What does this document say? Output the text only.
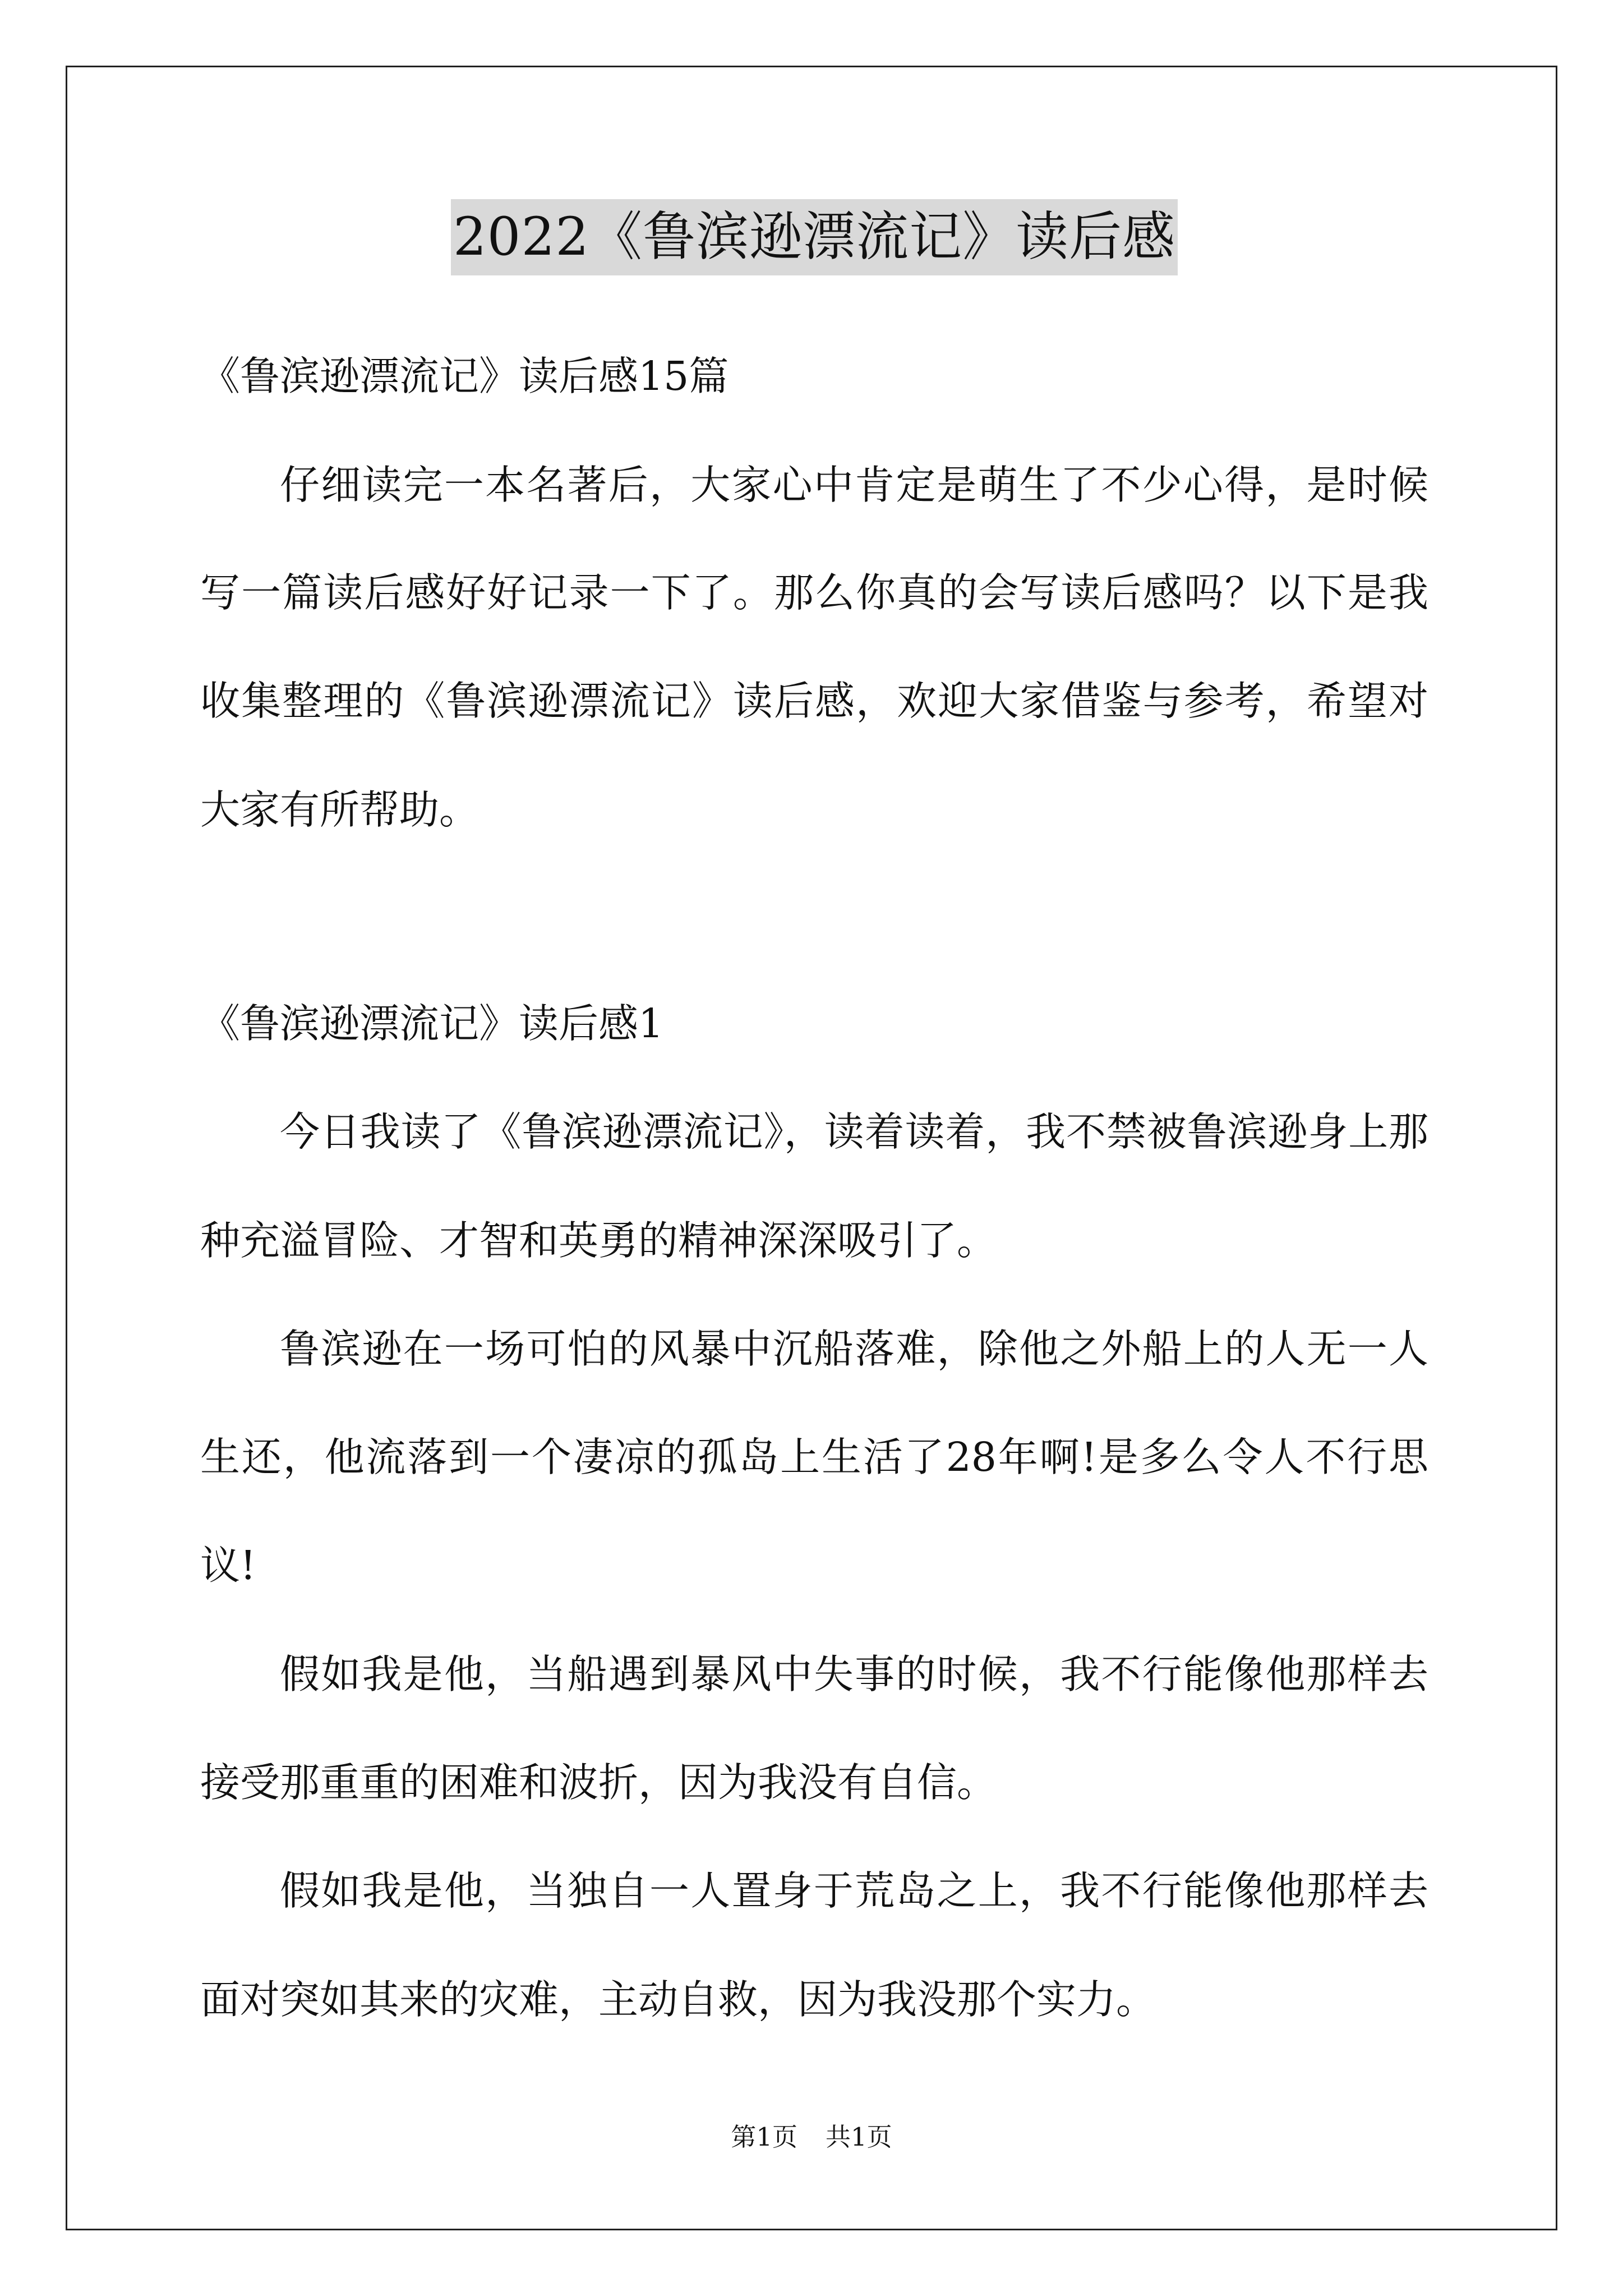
2022《鲁滨逊漂流记》读后感
《鲁滨逊漂流记》读后感15篇
仔细读完一本名著后，大家心中肯定是萌生了不少心得，是时候
写一篇读后感好好记录一下了。那么你真的会写读后感吗？以下是我
收集整理的《鲁滨逊漂流记》读后感，欢迎大家借鉴与参考，希望对
大家有所帮助。
《鲁滨逊漂流记》读后感1
今日我读了《鲁滨逊漂流记》，读着读着，我不禁被鲁滨逊身上那
种充溢冒险、才智和英勇的精神深深吸引了。
鲁滨逊在一场可怕的风暴中沉船落难，除他之外船上的人无一人
生还，他流落到一个凄凉的孤岛上生活了28年啊!是多么令人不行思
议!
假如我是他，当船遇到暴风中失事的时候，我不行能像他那样去
接受那重重的困难和波折，因为我没有自信。
假如我是他，当独自一人置身于荒岛之上，我不行能像他那样去
面对突如其来的灾难，主动自救，因为我没那个实力。
第1页 共1页
